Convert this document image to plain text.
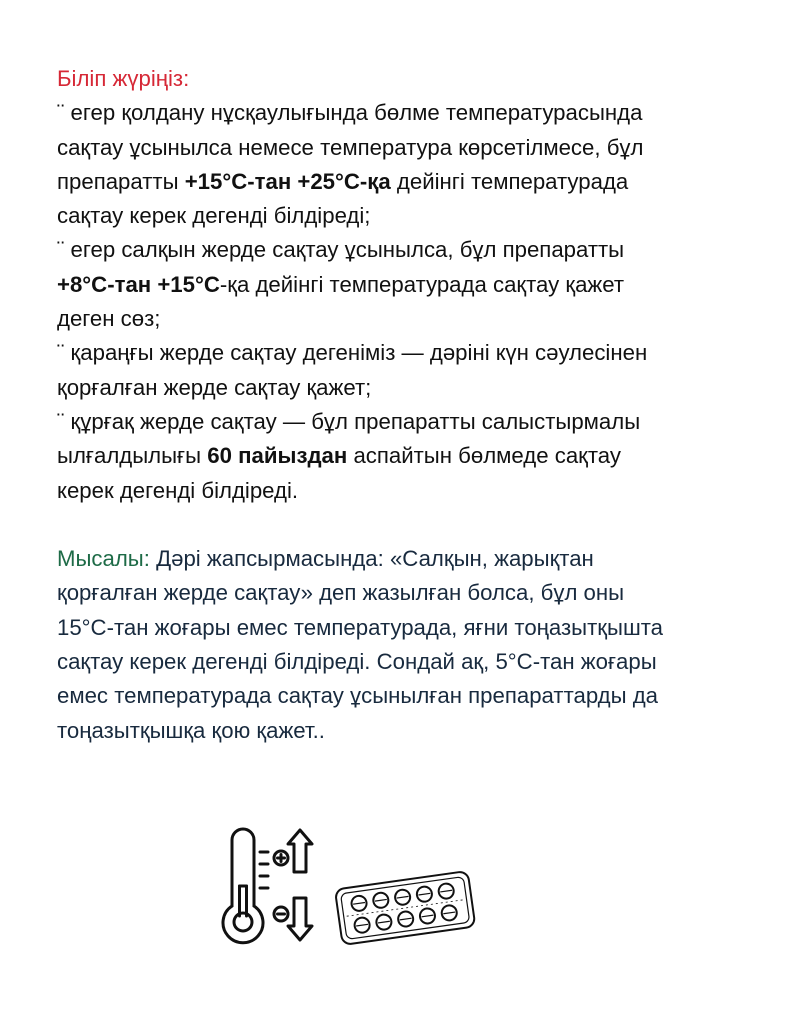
Біліп жүріңіз:
¨ егер қолдану нұсқаулығында бөлме температурасында
сақтау ұсынылса немесе температура көрсетілмесе, бұл
препаратты +15°C-тан +25°C-қа дейінгі температурада
сақтау керек дегенді білдіреді;
¨ егер салқын жерде сақтау ұсынылса, бұл препаратты
+8°C-тан +15°C-қа дейінгі температурада сақтау қажет
деген сөз;
¨ қараңғы жерде сақтау дегеніміз — дәріні күн сәулесінен
қорғалған жерде сақтау қажет;
¨ құрғақ жерде сақтау — бұл препаратты салыстырмалы
ылғалдылығы 60 пайыздан аспайтын бөлмеде сақтау
керек дегенді білдіреді.
Мысалы: Дәрі жапсырмасында: «Салқын, жарықтан
қорғалған жерде сақтау» деп жазылған болса, бұл оны
15°C-тан жоғары емес температурада, яғни тоңазытқышта
сақтау керек дегенді білдіреді. Сондай ақ, 5°C-тан жоғары
емес температурада сақтау ұсынылған препараттарды да
тоңазытқышқа қою қажет..
